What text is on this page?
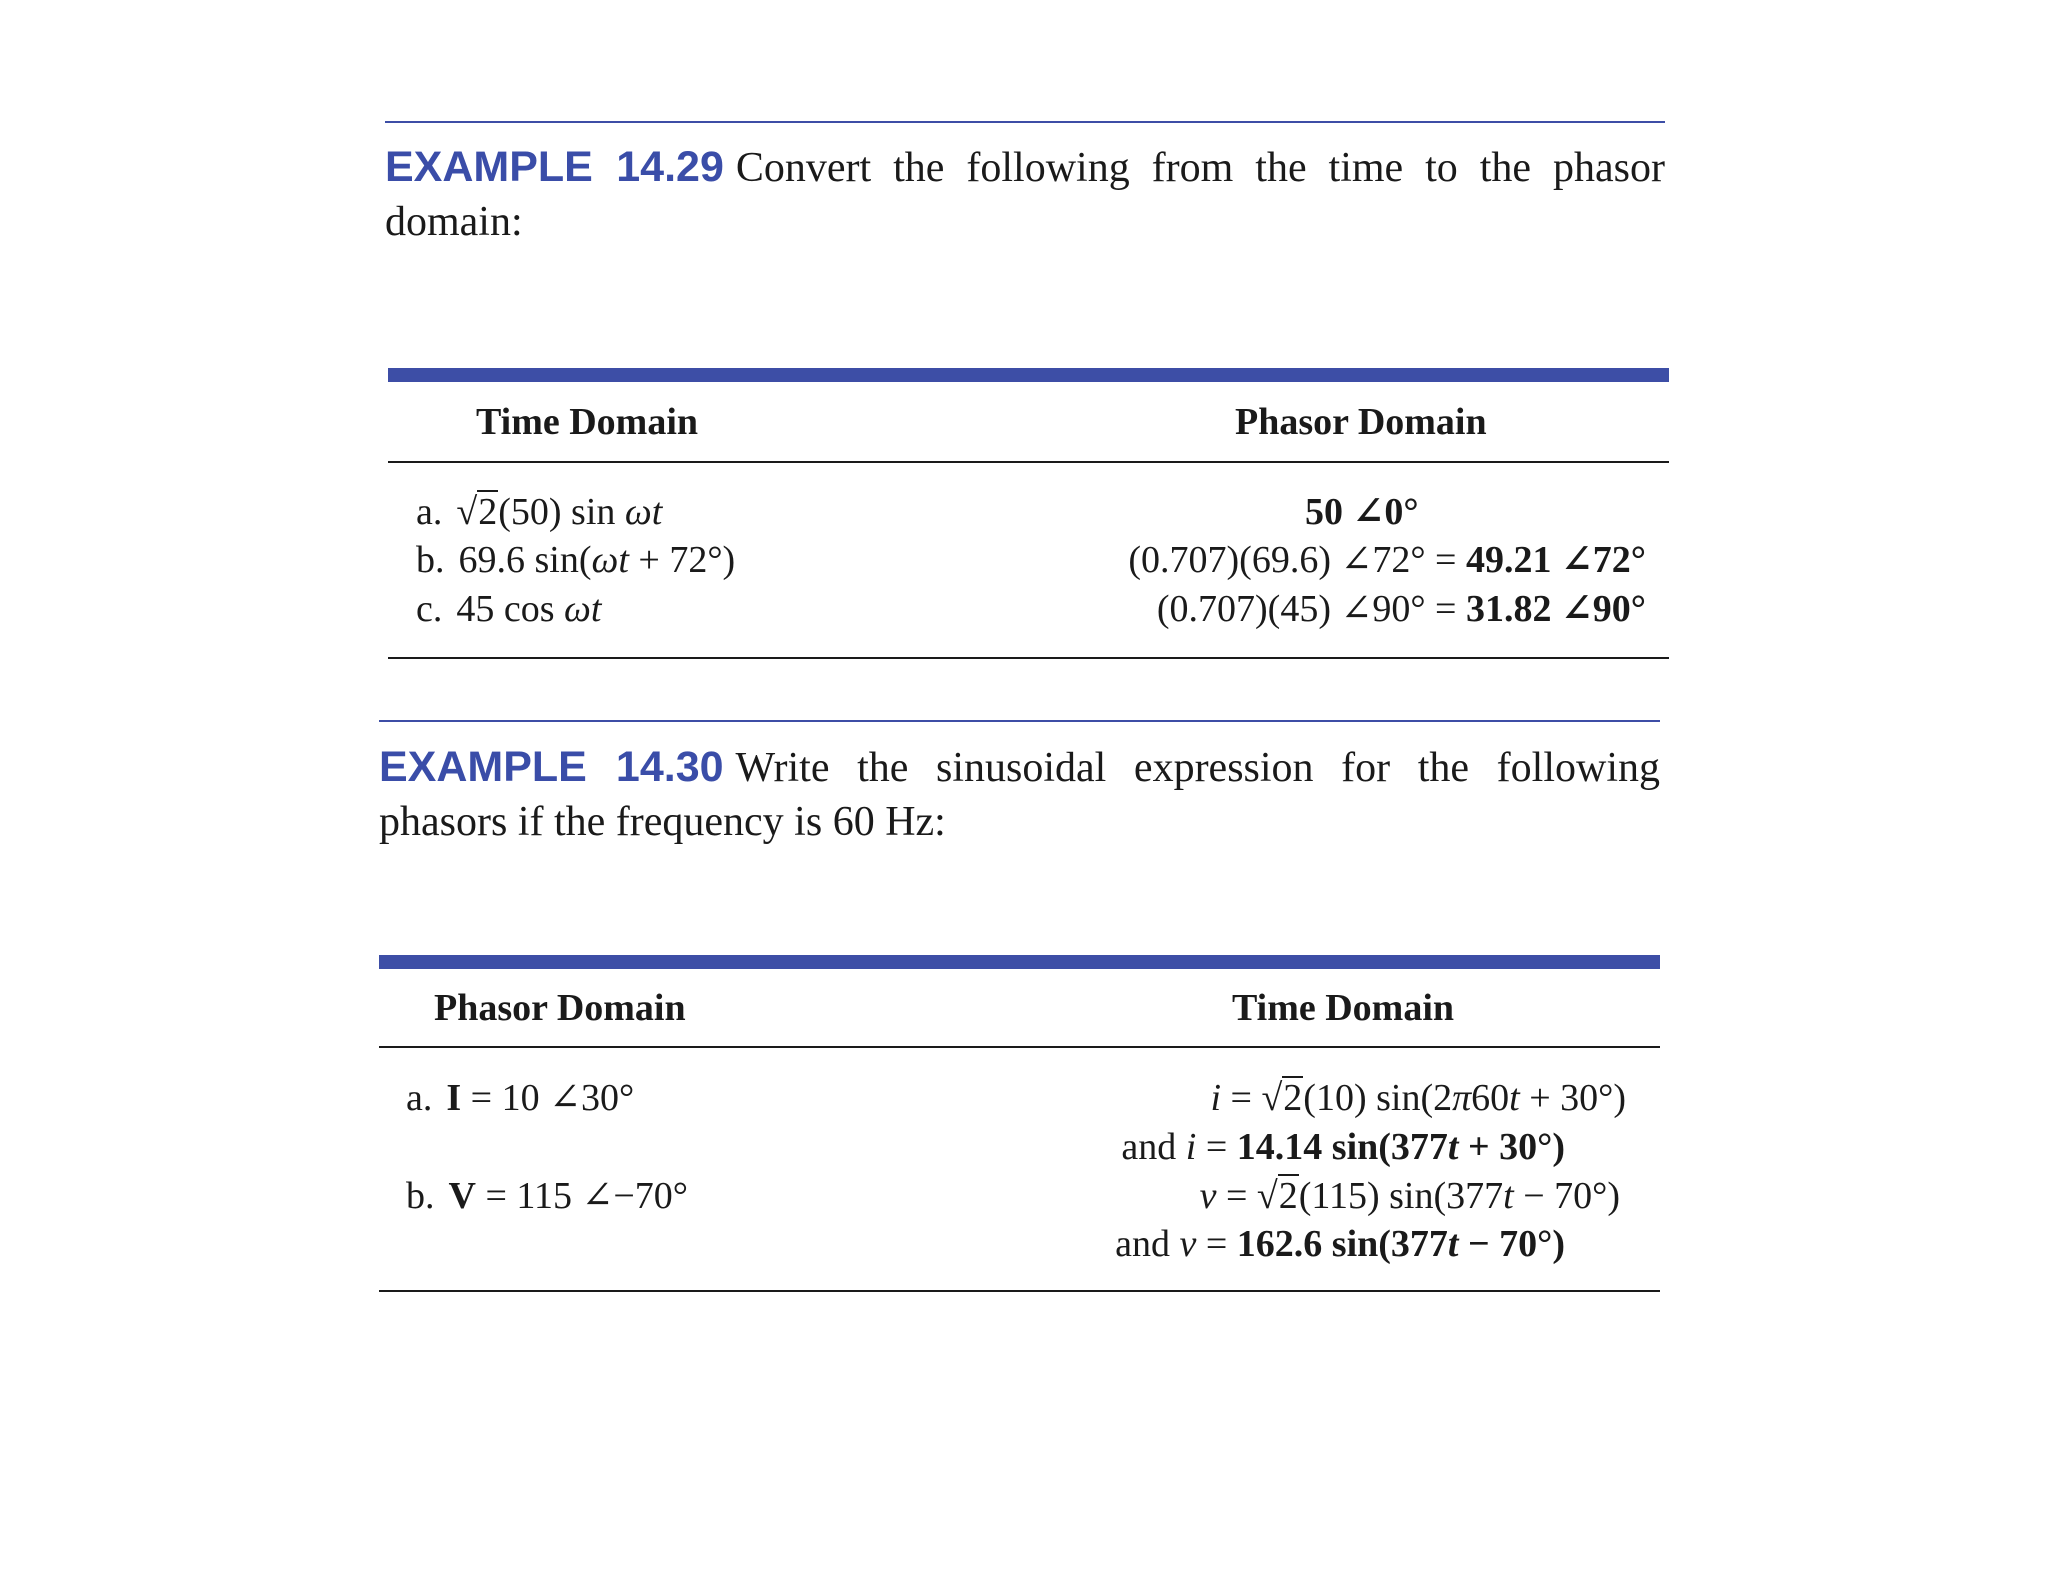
EXAMPLE 14.29 Convert the following from the time to the phasor domain:
Time Domain	Phasor Domain
a. √2(50) sin ωt
b. 69.6 sin(ωt + 72°)
c. 45 cos ωt
50 ∠0°
(0.707)(69.6) ∠72° = 49.21 ∠72°
(0.707)(45) ∠90° = 31.82 ∠90°
EXAMPLE 14.30 Write the sinusoidal expression for the following phasors if the frequency is 60 Hz:
Phasor Domain	Time Domain
a. I = 10 ∠30°
b. V = 115 ∠−70°
i = √2(10) sin(2π60t + 30°)
and i = 14.14 sin(377t + 30°)
v = √2(115) sin(377t − 70°)
and v = 162.6 sin(377t − 70°)
